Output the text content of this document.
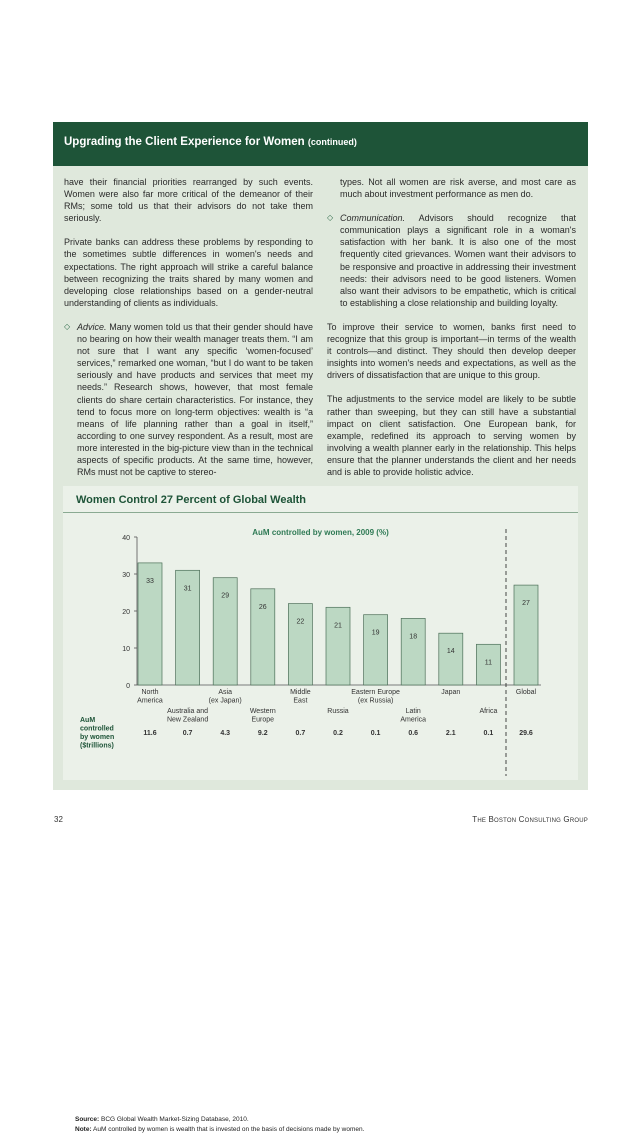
Upgrading the Client Experience for Women (continued)

have their financial priorities rearranged by such events. Women were also far more critical of the demeanor of their RMs; some told us that their advisors do not take them seriously.

Private banks can address these problems by responding to the sometimes subtle differences in women's needs and expectations. The right approach will strike a careful balance between recognizing the traits shared by many women and developing close relationships based on a gender-neutral understanding of clients as individuals.

◇ Advice. Many women told us that their gender should have no bearing on how their wealth manager treats them. “I am not sure that I want any specific ‘women-focused’ services,” remarked one woman, “but I do want to be taken seriously and have products and services that meet my needs.” Research shows, however, that most female clients do share certain characteristics. For instance, they tend to focus more on long-term objectives: wealth is “a means of life planning rather than a goal in itself,” according to one survey respondent. As a result, most are more interested in the big-picture view than in the technical aspects of specific products. At the same time, however, RMs must not be captive to stereo-
types. Not all women are risk averse, and most care as much about investment performance as men do.
◇ Communication. Advisors should recognize that communication plays a significant role in a woman's satisfaction with her bank. It is also one of the most frequently cited grievances. Women want their advisors to be responsive and proactive in addressing their investment needs: their advisors need to be good listeners. Women also want their advisors to be empathetic, which is critical to establishing a close relationship and building loyalty.

To improve their service to women, banks first need to recognize that this group is important—in terms of the wealth it controls—and distinct. They should then develop deeper insights into women's needs and expectations, as well as the drivers of dissatisfaction that are unique to this group.

The adjustments to the service model are likely to be subtle rather than sweeping, but they can still have a substantial impact on client satisfaction. One European bank, for example, redefined its approach to serving women by involving a wealth planner early in the relationship. This helps ensure that the planner understands the client and her needs and is able to provide holistic advice.

Women Control 27 Percent of Global Wealth
AuM controlled by women, 2009 (%)
0
10
20
30
40
33
North
America
11.6
31
Australia and
New Zealand
0.7
29
Asia
(ex Japan)
4.3
26
Western
Europe
9.2
22
Middle
East
0.7
21
Russia
0.2
19
Eastern Europe
(ex Russia)
0.1
18
Latin
America
0.6
14
Japan
2.1
11
Africa
0.1
27
Global
29.6
AuM
controlled
by women
($trillions)
Source: BCG Global Wealth Market-Sizing Database, 2010.
Note: AuM controlled by women is wealth that is invested on the basis of decisions made by women.
32	The Boston Consulting Group
